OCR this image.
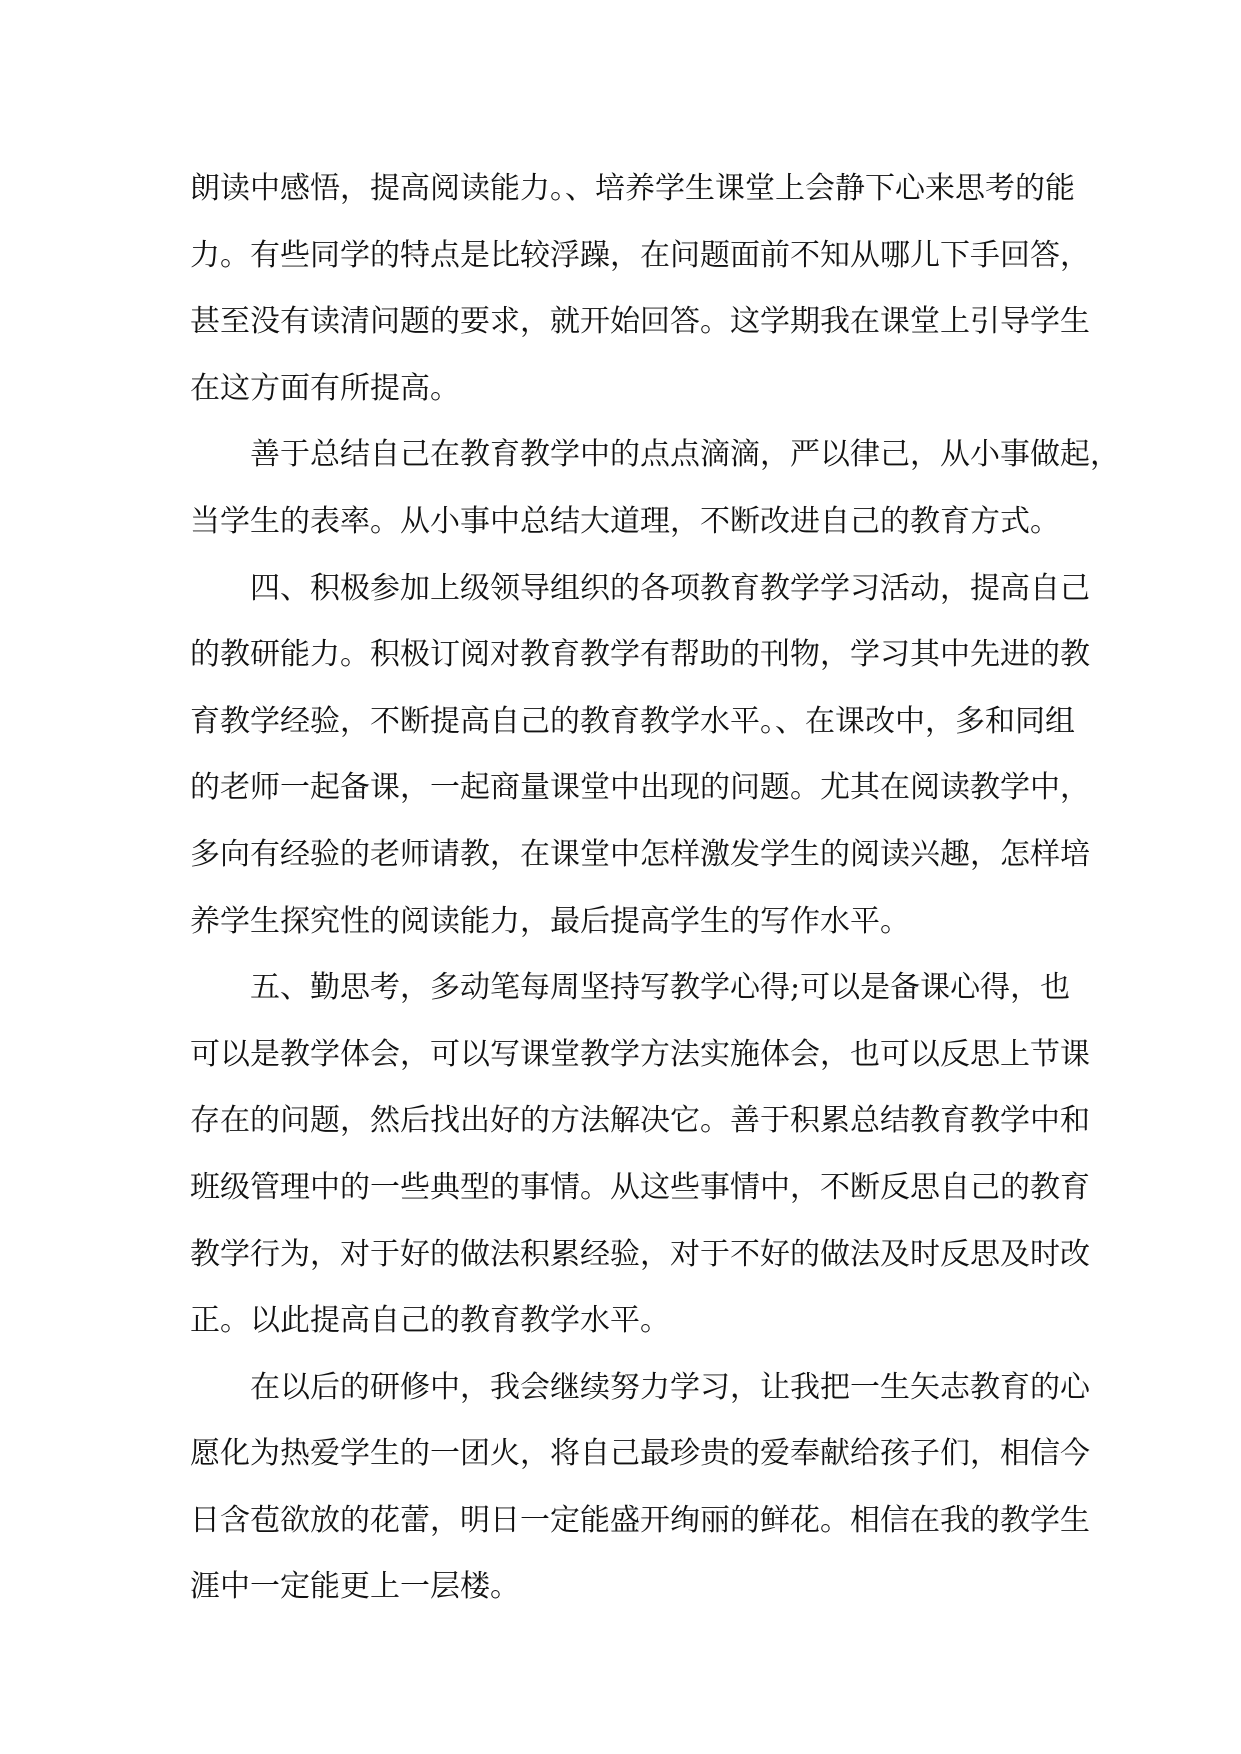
朗读中感悟，提高阅读能力。、培养学生课堂上会静下心来思考的能
力。有些同学的特点是比较浮躁，在问题面前不知从哪儿下手回答，
甚至没有读清问题的要求，就开始回答。这学期我在课堂上引导学生
在这方面有所提高。

善于总结自己在教育教学中的点点滴滴，严以律己，从小事做起，
当学生的表率。从小事中总结大道理，不断改进自己的教育方式。

四、积极参加上级领导组织的各项教育教学学习活动，提高自己
的教研能力。积极订阅对教育教学有帮助的刊物，学习其中先进的教
育教学经验，不断提高自己的教育教学水平。、在课改中，多和同组
的老师一起备课，一起商量课堂中出现的问题。尤其在阅读教学中，
多向有经验的老师请教，在课堂中怎样激发学生的阅读兴趣，怎样培
养学生探究性的阅读能力，最后提高学生的写作水平。

五、勤思考，多动笔每周坚持写教学心得;可以是备课心得，也
可以是教学体会，可以写课堂教学方法实施体会，也可以反思上节课
存在的问题，然后找出好的方法解决它。善于积累总结教育教学中和
班级管理中的一些典型的事情。从这些事情中，不断反思自己的教育
教学行为，对于好的做法积累经验，对于不好的做法及时反思及时改
正。以此提高自己的教育教学水平。

在以后的研修中，我会继续努力学习，让我把一生矢志教育的心
愿化为热爱学生的一团火，将自己最珍贵的爱奉献给孩子们，相信今
日含苞欲放的花蕾，明日一定能盛开绚丽的鲜花。相信在我的教学生
涯中一定能更上一层楼。
